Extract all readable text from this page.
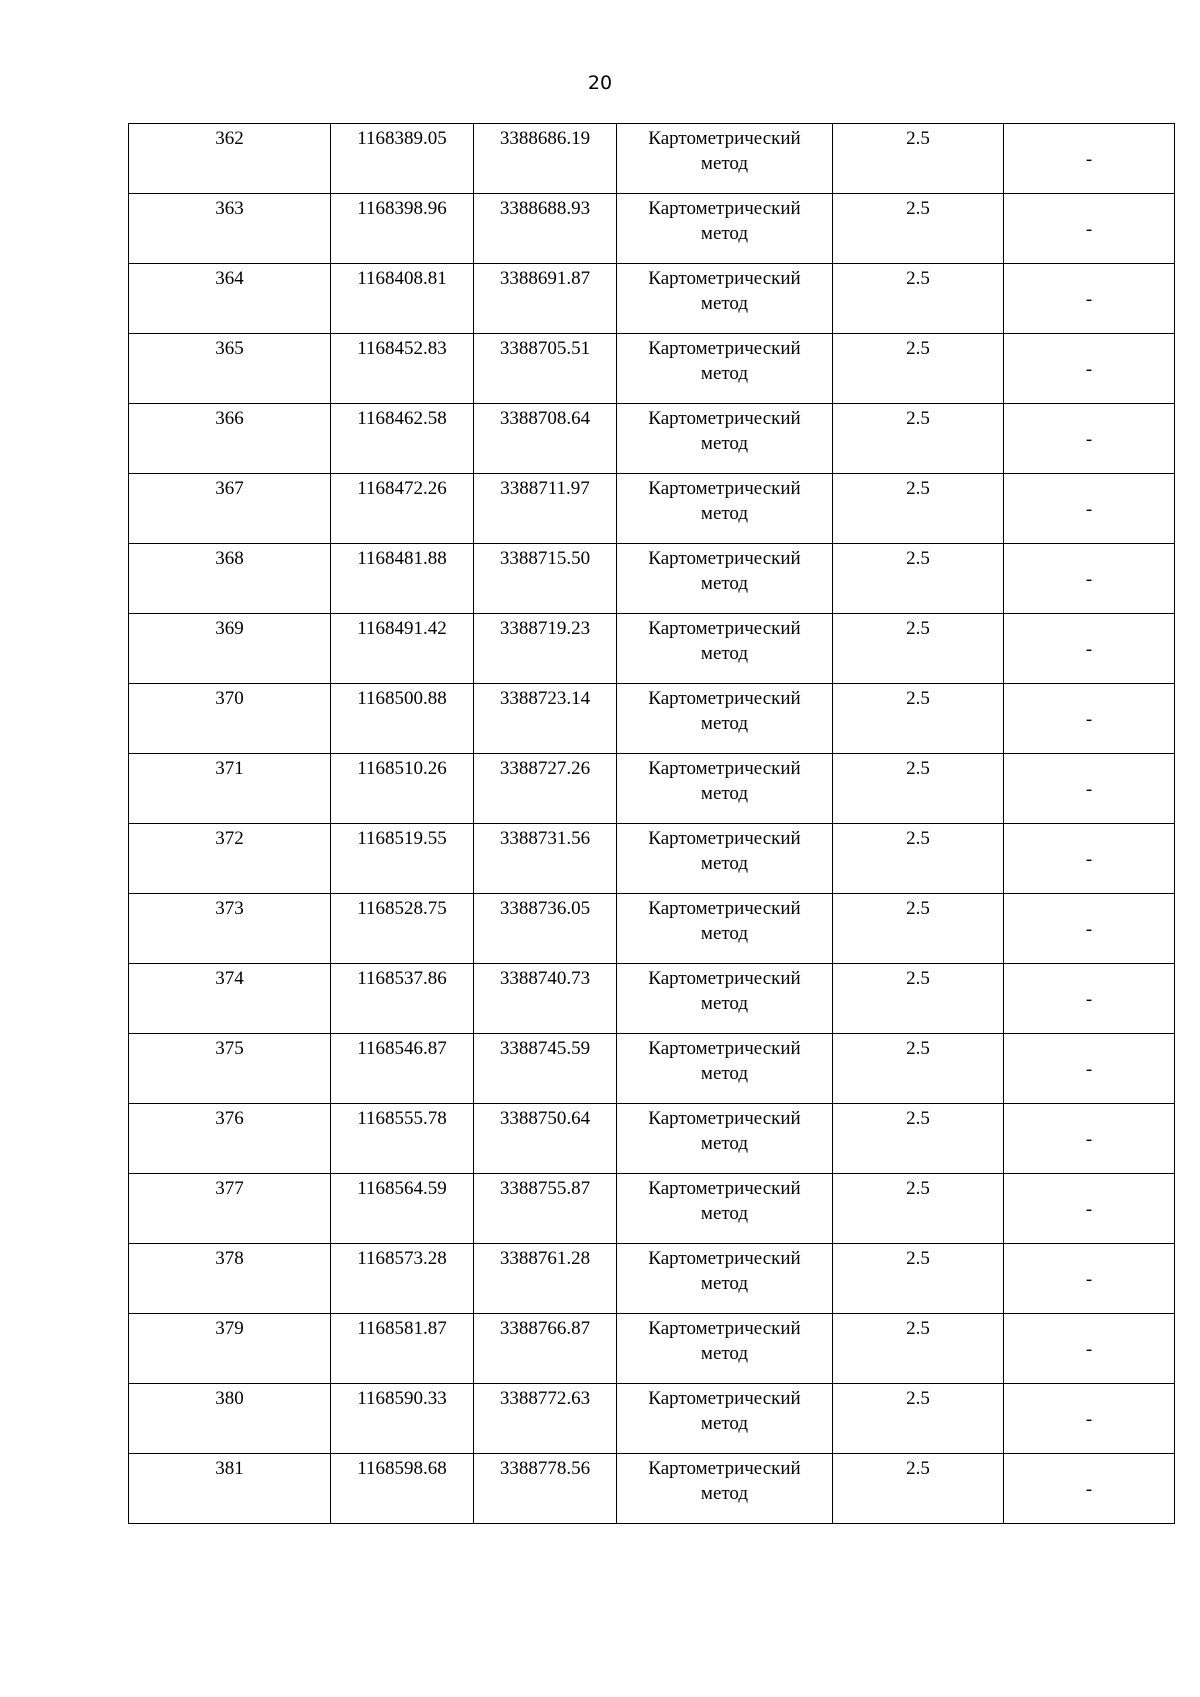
20
362	1168389.05	3388686.19	Картометрический метод	2.5	-

363	1168398.96	3388688.93	Картометрический метод	2.5	-

364	1168408.81	3388691.87	Картометрический метод	2.5	-

365	1168452.83	3388705.51	Картометрический метод	2.5	-

366	1168462.58	3388708.64	Картометрический метод	2.5	-

367	1168472.26	3388711.97	Картометрический метод	2.5	-

368	1168481.88	3388715.50	Картометрический метод	2.5	-

369	1168491.42	3388719.23	Картометрический метод	2.5	-

370	1168500.88	3388723.14	Картометрический метод	2.5	-

371	1168510.26	3388727.26	Картометрический метод	2.5	-

372	1168519.55	3388731.56	Картометрический метод	2.5	-

373	1168528.75	3388736.05	Картометрический метод	2.5	-

374	1168537.86	3388740.73	Картометрический метод	2.5	-

375	1168546.87	3388745.59	Картометрический метод	2.5	-

376	1168555.78	3388750.64	Картометрический метод	2.5	-

377	1168564.59	3388755.87	Картометрический метод	2.5	-

378	1168573.28	3388761.28	Картометрический метод	2.5	-

379	1168581.87	3388766.87	Картометрический метод	2.5	-

380	1168590.33	3388772.63	Картометрический метод	2.5	-

381	1168598.68	3388778.56	Картометрический метод	2.5	-
